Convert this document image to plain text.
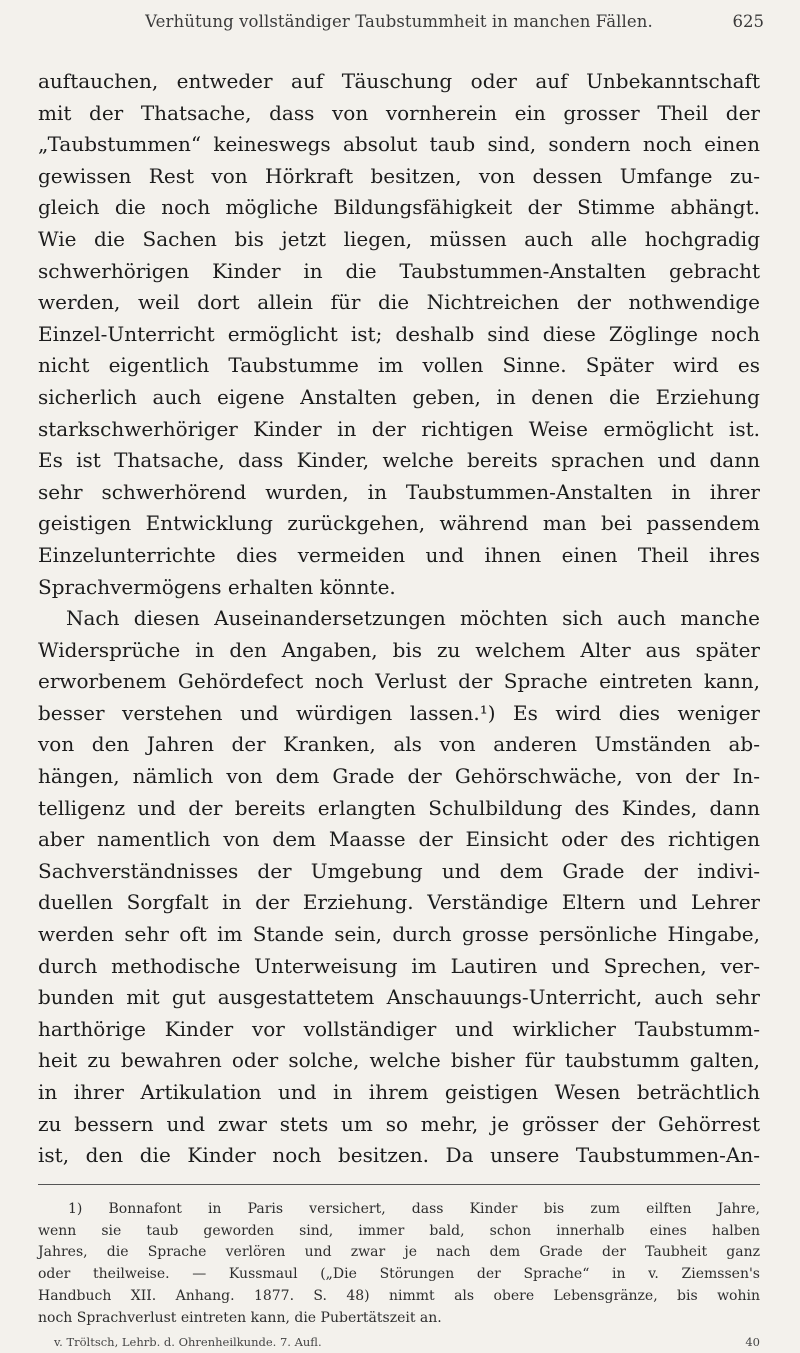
Verhütung vollständiger Taubstummheit in manchen Fällen.	625
auftauchen, entweder auf Täuschung oder auf Unbekanntschaft
mit der Thatsache, dass von vornherein ein grosser Theil der
„Taubstummen“ keineswegs absolut taub sind, sondern noch einen
gewissen Rest von Hörkraft besitzen, von dessen Umfange zu-
gleich die noch mögliche Bildungsfähigkeit der Stimme abhängt.
Wie die Sachen bis jetzt liegen, müssen auch alle hochgradig
schwerhörigen Kinder in die Taubstummen-Anstalten gebracht
werden, weil dort allein für die Nichtreichen der nothwendige
Einzel-Unterricht ermöglicht ist; deshalb sind diese Zöglinge noch
nicht eigentlich Taubstumme im vollen Sinne. Später wird es
sicherlich auch eigene Anstalten geben, in denen die Erziehung
starkschwerhöriger Kinder in der richtigen Weise ermöglicht ist.
Es ist Thatsache, dass Kinder, welche bereits sprachen und dann
sehr schwerhörend wurden, in Taubstummen-Anstalten in ihrer
geistigen Entwicklung zurückgehen, während man bei passendem
Einzelunterrichte dies vermeiden und ihnen einen Theil ihres
Sprachvermögens erhalten könnte.
Nach diesen Auseinandersetzungen möchten sich auch manche
Widersprüche in den Angaben, bis zu welchem Alter aus später
erworbenem Gehördefect noch Verlust der Sprache eintreten kann,
besser verstehen und würdigen lassen.¹) Es wird dies weniger
von den Jahren der Kranken, als von anderen Umständen ab-
hängen, nämlich von dem Grade der Gehörschwäche, von der In-
telligenz und der bereits erlangten Schulbildung des Kindes, dann
aber namentlich von dem Maasse der Einsicht oder des richtigen
Sachverständnisses der Umgebung und dem Grade der indivi-
duellen Sorgfalt in der Erziehung. Verständige Eltern und Lehrer
werden sehr oft im Stande sein, durch grosse persönliche Hingabe,
durch methodische Unterweisung im Lautiren und Sprechen, ver-
bunden mit gut ausgestattetem Anschauungs-Unterricht, auch sehr
harthörige Kinder vor vollständiger und wirklicher Taubstumm-
heit zu bewahren oder solche, welche bisher für taubstumm galten,
in ihrer Artikulation und in ihrem geistigen Wesen beträchtlich
zu bessern und zwar stets um so mehr, je grösser der Gehörrest
ist, den die Kinder noch besitzen. Da unsere Taubstummen-An-
1) Bonnafont in Paris versichert, dass Kinder bis zum eilften Jahre,
wenn sie taub geworden sind, immer bald, schon innerhalb eines halben
Jahres, die Sprache verlören und zwar je nach dem Grade der Taubheit ganz
oder theilweise. — Kussmaul („Die Störungen der Sprache“ in v. Ziemssen's
Handbuch XII. Anhang. 1877. S. 48) nimmt als obere Lebensgränze, bis wohin
noch Sprachverlust eintreten kann, die Pubertätszeit an.
v. Tröltsch, Lehrb. d. Ohrenheilkunde. 7. Aufl.	40
